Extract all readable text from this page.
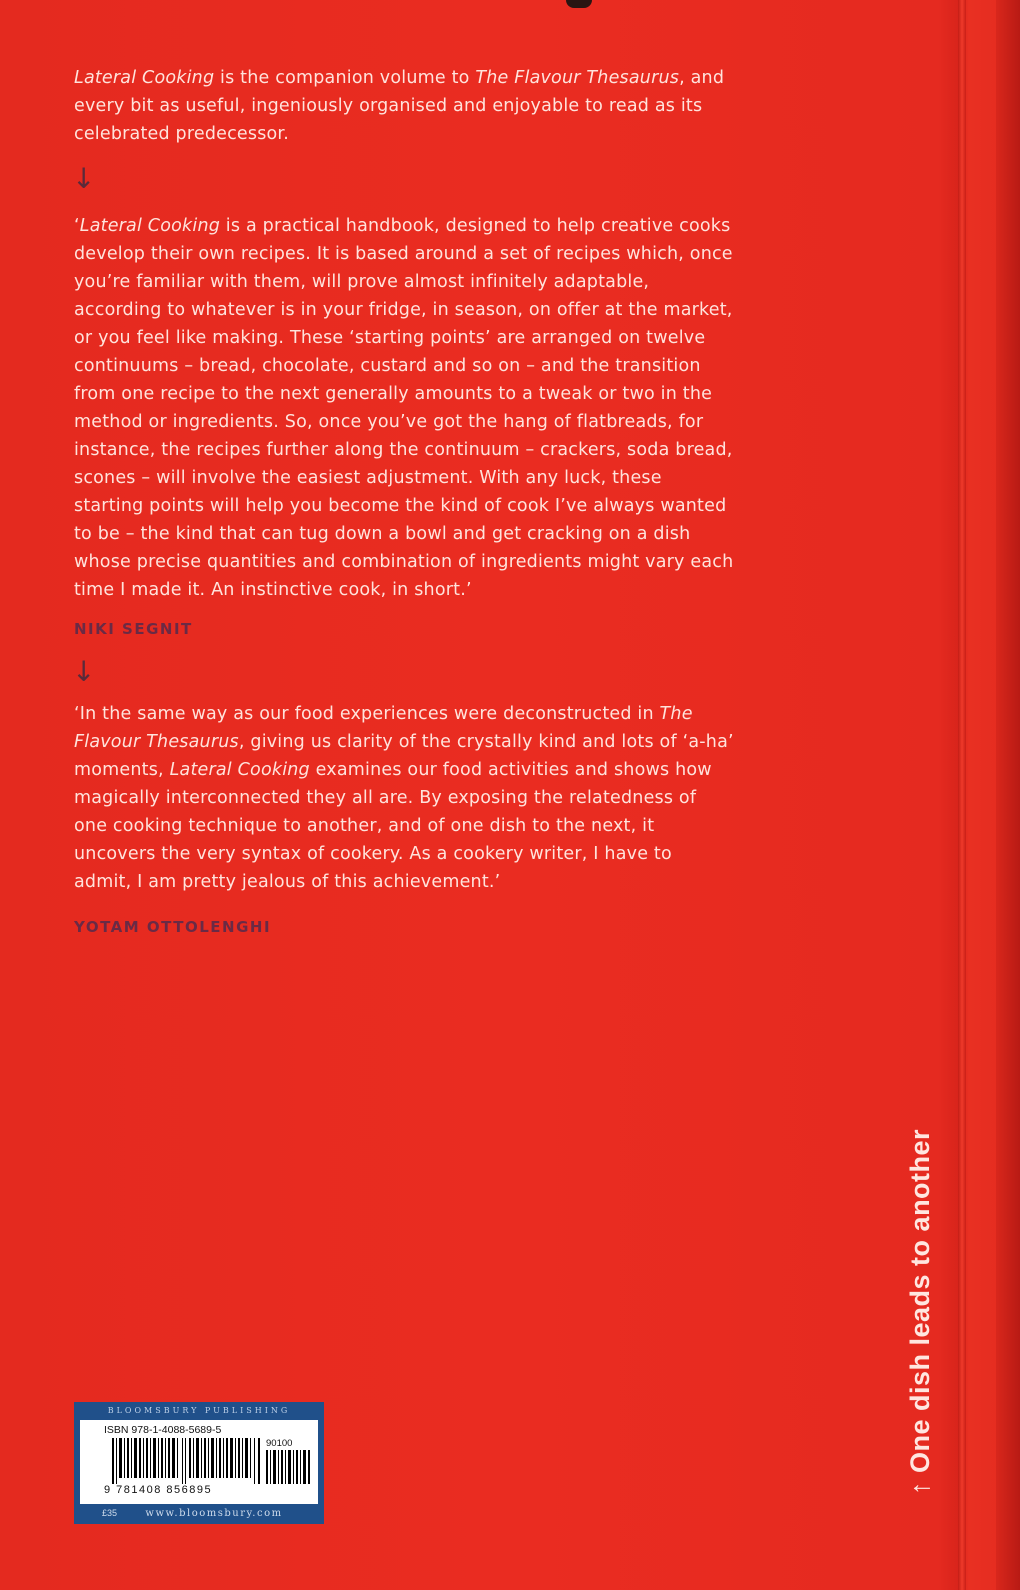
Lateral Cooking is the companion volume to The Flavour Thesaurus, and every bit as useful, ingeniously organised and enjoyable to read as its celebrated predecessor.
↓
‘Lateral Cooking is a practical handbook, designed to help creative cooks develop their own recipes. It is based around a set of recipes which, once you’re familiar with them, will prove almost infinitely adaptable, according to whatever is in your fridge, in season, on offer at the market, or you feel like making. These ‘starting points’ are arranged on twelve continuums – bread, chocolate, custard and so on – and the transition from one recipe to the next generally amounts to a tweak or two in the method or ingredients. So, once you’ve got the hang of flatbreads, for instance, the recipes further along the continuum – crackers, soda bread, scones – will involve the easiest adjustment. With any luck, these starting points will help you become the kind of cook I’ve always wanted to be – the kind that can tug down a bowl and get cracking on a dish whose precise quantities and combination of ingredients might vary each time I made it. An instinctive cook, in short.’
NIKI SEGNIT
↓
‘In the same way as our food experiences were deconstructed in The Flavour Thesaurus, giving us clarity of the crystally kind and lots of ‘a-ha’ moments, Lateral Cooking examines our food activities and shows how magically interconnected they all are. By exposing the relatedness of one cooking technique to another, and of one dish to the next, it uncovers the very syntax of cookery. As a cookery writer, I have to admit, I am pretty jealous of this achievement.’
YOTAM OTTOLENGHI
↑ One dish leads to another
BLOOMSBURY PUBLISHING
ISBN 978-1-4088-5689-5
90100
9 781408 856895
www.bloomsbury.com
£35
